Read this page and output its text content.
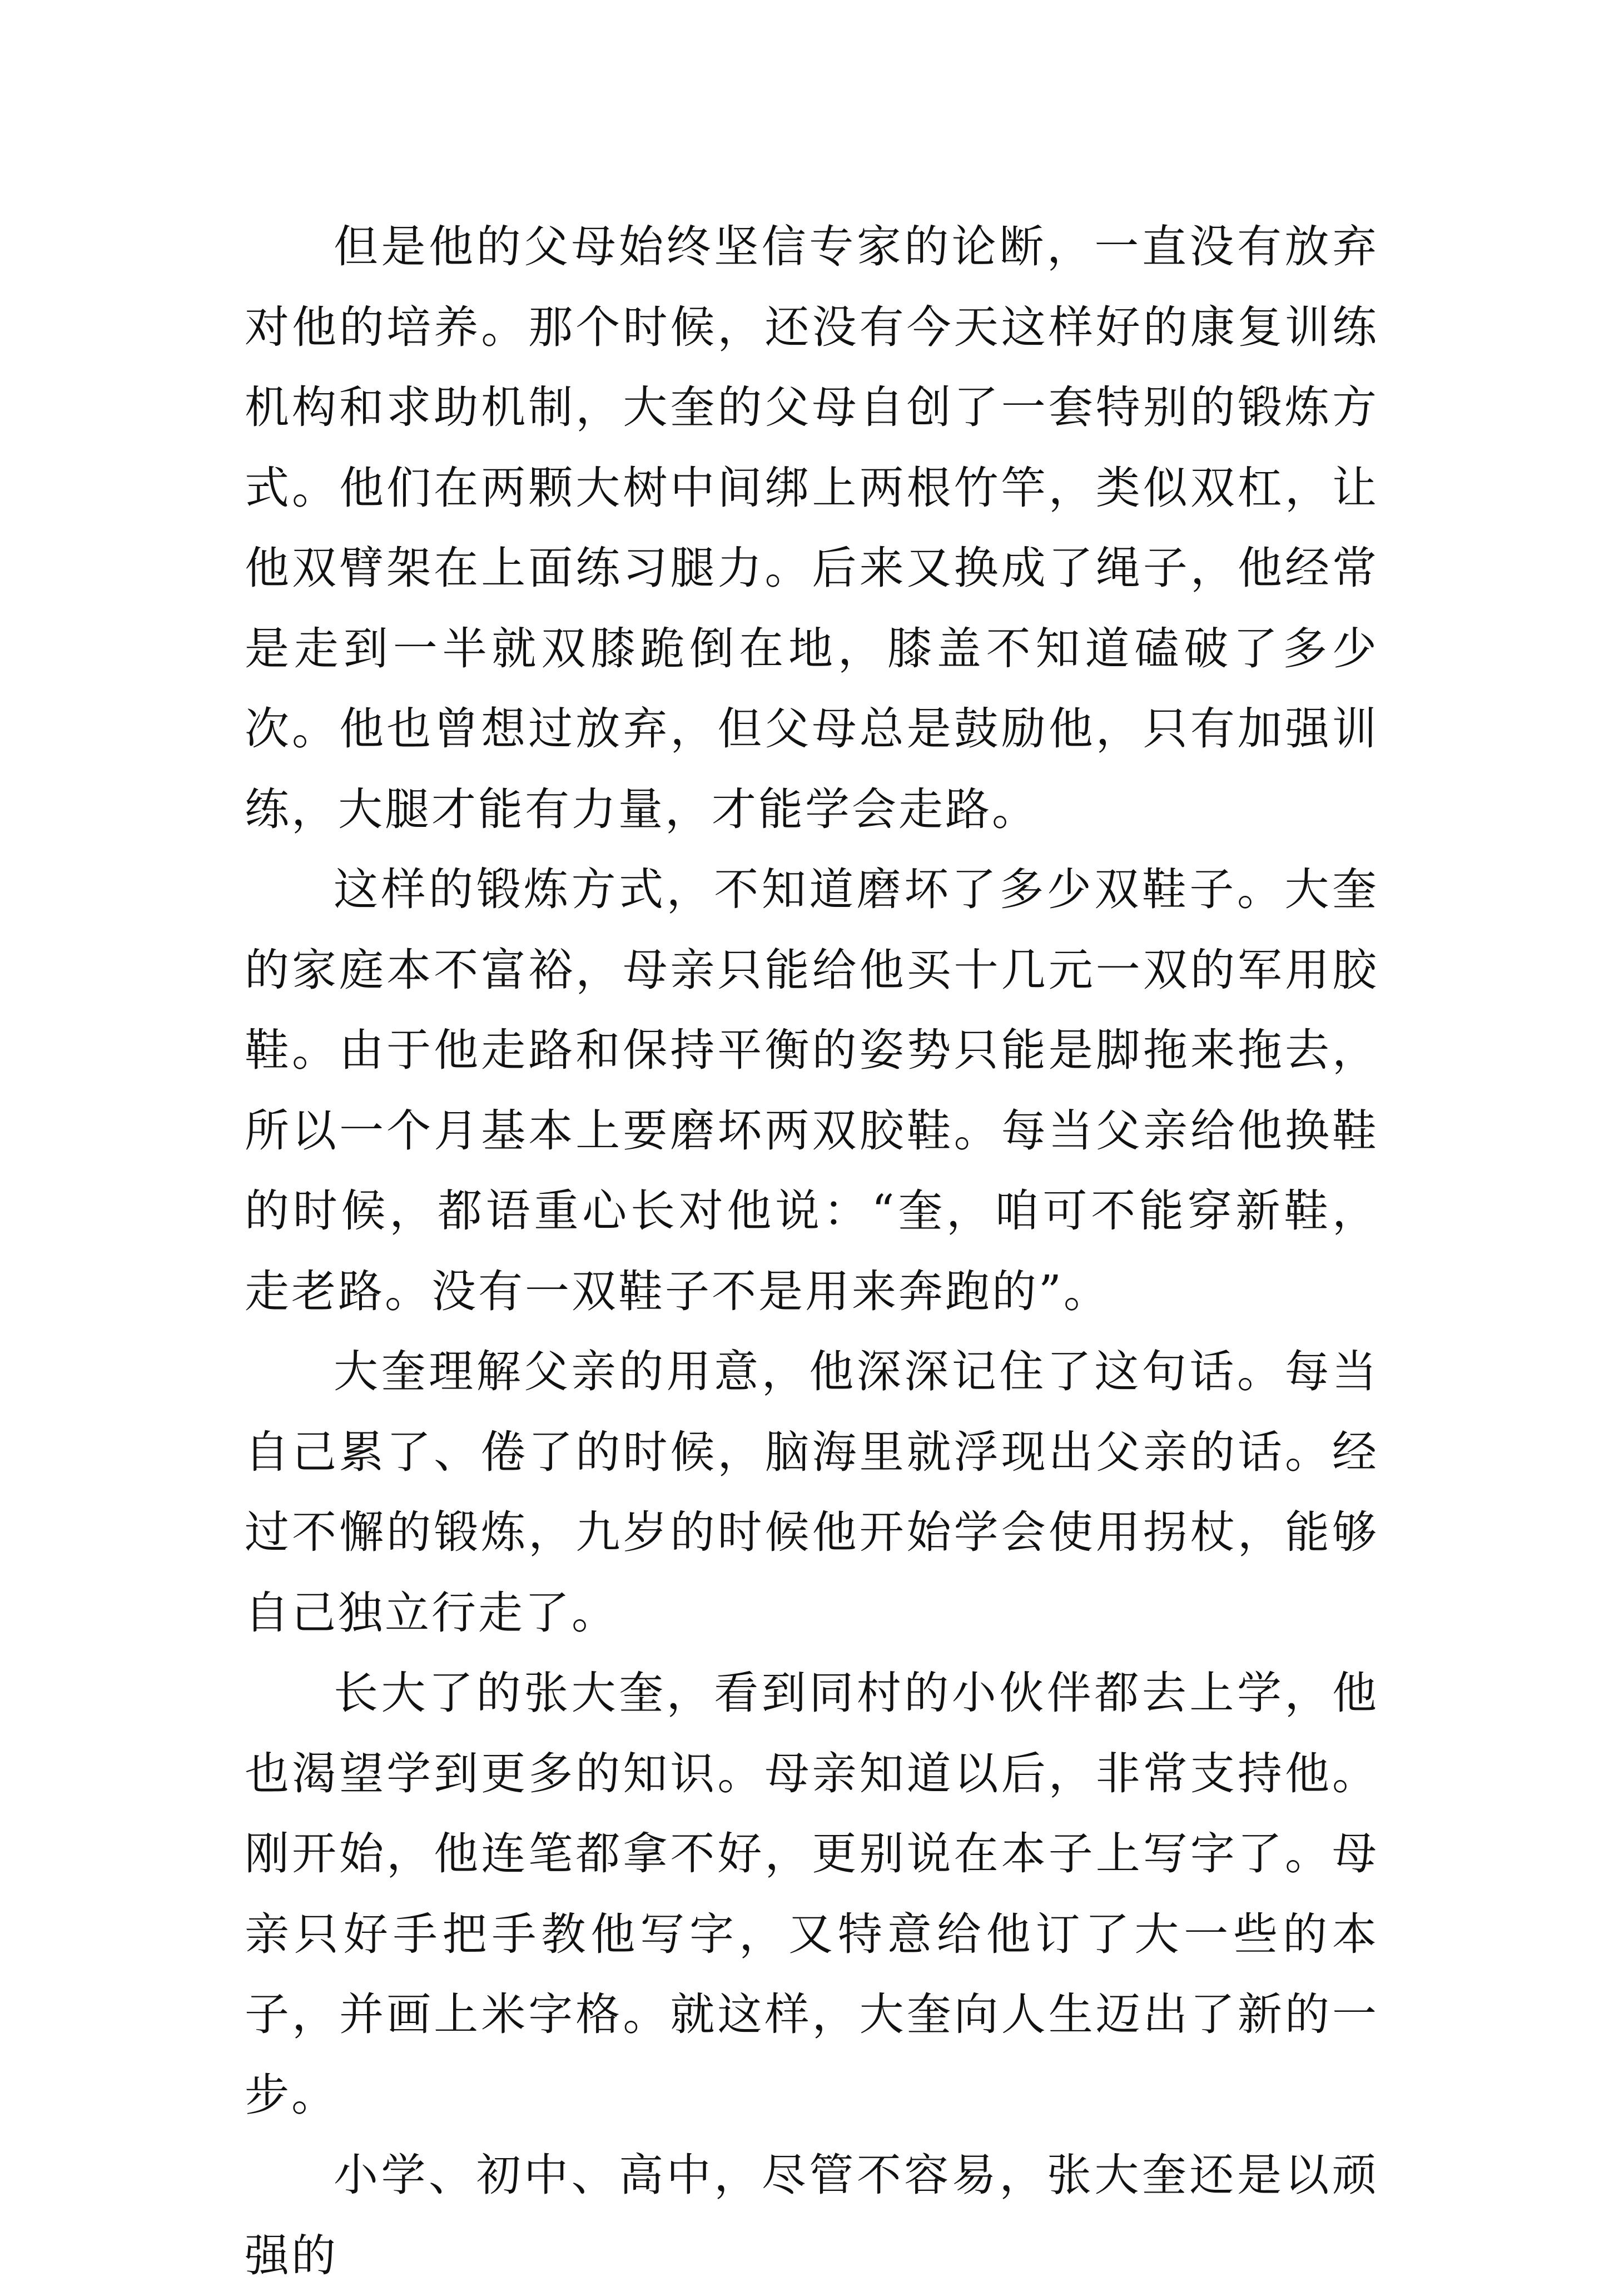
但是他的父母始终坚信专家的论断，一直没有放弃对他的培养。那个时候，还没有今天这样好的康复训练机构和求助机制，大奎的父母自创了一套特别的锻炼方式。他们在两颗大树中间绑上两根竹竿，类似双杠，让他双臂架在上面练习腿力。后来又换成了绳子，他经常是走到一半就双膝跪倒在地，膝盖不知道磕破了多少次。他也曾想过放弃，但父母总是鼓励他，只有加强训练，大腿才能有力量，才能学会走路。

这样的锻炼方式，不知道磨坏了多少双鞋子。大奎的家庭本不富裕，母亲只能给他买十几元一双的军用胶鞋。由于他走路和保持平衡的姿势只能是脚拖来拖去，所以一个月基本上要磨坏两双胶鞋。每当父亲给他换鞋的时候，都语重心长对他说：“奎，咱可不能穿新鞋，走老路。没有一双鞋子不是用来奔跑的”。

大奎理解父亲的用意，他深深记住了这句话。每当自己累了、倦了的时候，脑海里就浮现出父亲的话。经过不懈的锻炼，九岁的时候他开始学会使用拐杖，能够自己独立行走了。

长大了的张大奎，看到同村的小伙伴都去上学，他也渴望学到更多的知识。母亲知道以后，非常支持他。刚开始，他连笔都拿不好，更别说在本子上写字了。母亲只好手把手教他写字，又特意给他订了大一些的本子，并画上米字格。就这样，大奎向人生迈出了新的一步。

小学、初中、高中，尽管不容易，张大奎还是以顽强的
